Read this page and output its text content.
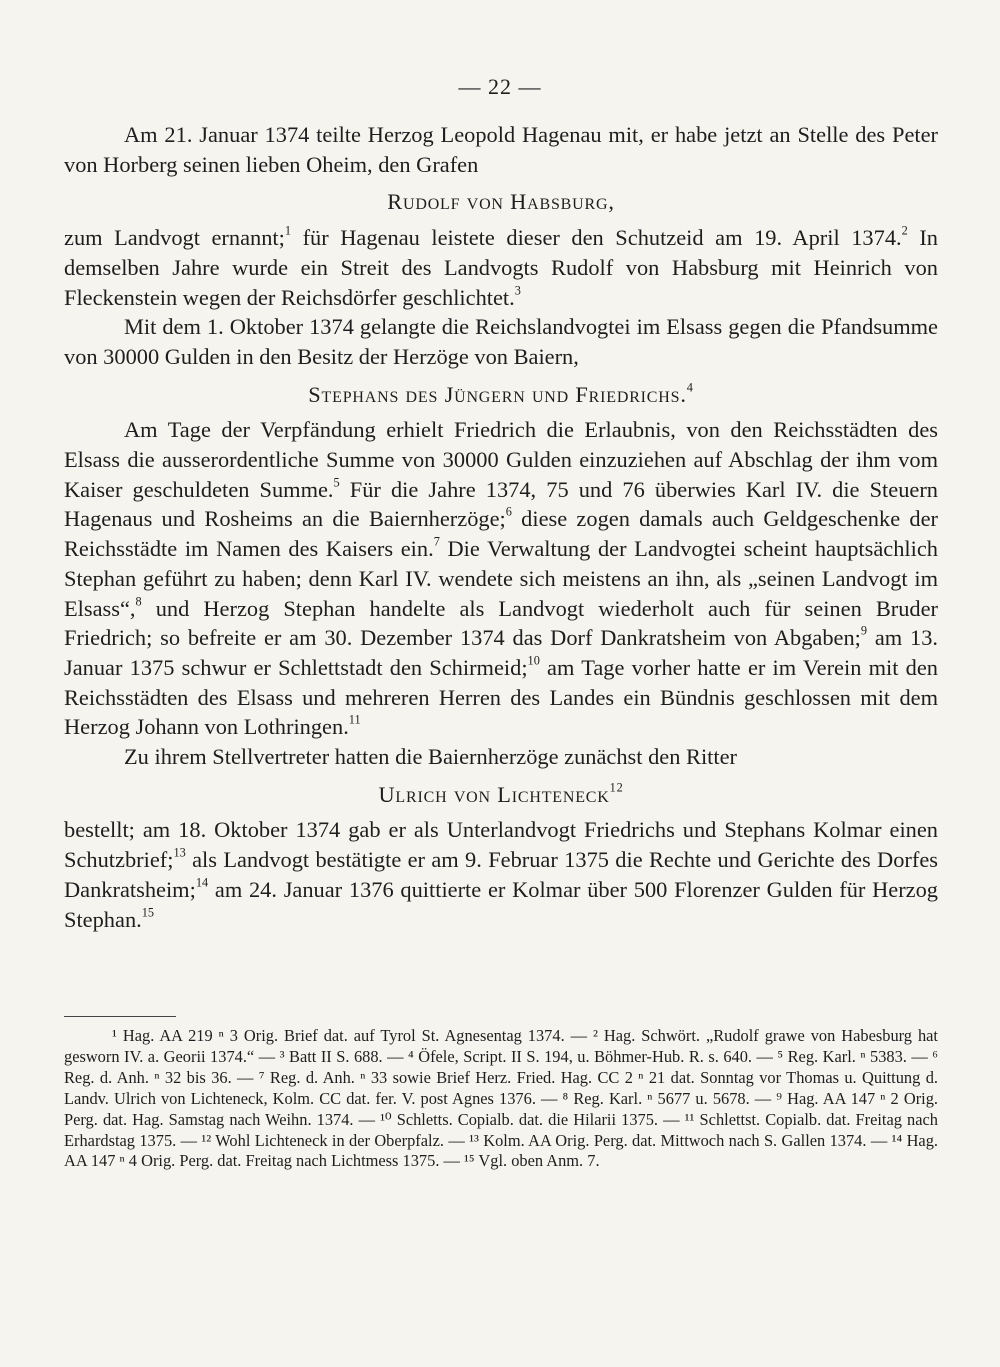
— 22 —

Am 21. Januar 1374 teilte Herzog Leopold Hagenau mit, er habe jetzt an Stelle des Peter von Horberg seinen lieben Oheim, den Grafen

Rudolf von Habsburg,

zum Landvogt ernannt;$^1$ für Hagenau leistete dieser den Schutzeid am 19. April 1374.$^2$ In demselben Jahre wurde ein Streit des Landvogts Rudolf von Habsburg mit Heinrich von Fleckenstein wegen der Reichsdörfer geschlichtet.$^3$

Mit dem 1. Oktober 1374 gelangte die Reichslandvogtei im Elsass gegen die Pfandsumme von 30000 Gulden in den Besitz der Herzöge von Baiern,

Stephans des Jüngern und Friedrichs.$^4$

Am Tage der Verpfändung erhielt Friedrich die Erlaubnis, von den Reichsstädten des Elsass die ausserordentliche Summe von 30000 Gulden einzuziehen auf Abschlag der ihm vom Kaiser geschuldeten Summe.$^5$ Für die Jahre 1374, 75 und 76 überwies Karl IV. die Steuern Hagenaus und Rosheims an die Baiernherzöge;$^6$ diese zogen damals auch Geldgeschenke der Reichsstädte im Namen des Kaisers ein.$^7$ Die Verwaltung der Landvogtei scheint hauptsächlich Stephan geführt zu haben; denn Karl IV. wendete sich meistens an ihn, als „seinen Landvogt im Elsass“,$^8$ und Herzog Stephan handelte als Landvogt wiederholt auch für seinen Bruder Friedrich; so befreite er am 30. Dezember 1374 das Dorf Dankratsheim von Abgaben;$^9$ am 13. Januar 1375 schwur er Schlettstadt den Schirmeid;$^{10}$ am Tage vorher hatte er im Verein mit den Reichsstädten des Elsass und mehreren Herren des Landes ein Bündnis geschlossen mit dem Herzog Johann von Lothringen.$^{11}$

Zu ihrem Stellvertreter hatten die Baiernherzöge zunächst den Ritter

Ulrich von Lichteneck$^{12}$

bestellt; am 18. Oktober 1374 gab er als Unterlandvogt Friedrichs und Stephans Kolmar einen Schutzbrief;$^{13}$ als Landvogt bestätigte er am 9. Februar 1375 die Rechte und Gerichte des Dorfes Dankratsheim;$^{14}$ am 24. Januar 1376 quittierte er Kolmar über 500 Florenzer Gulden für Herzog Stephan.$^{15}$

¹ Hag. AA 219 ⁿ 3 Orig. Brief dat. auf Tyrol St. Agnesentag 1374. — ² Hag. Schwört. „Rudolf grawe von Habesburg hat gesworn IV. a. Georii 1374.“ — ³ Batt II S. 688. — ⁴ Öfele, Script. II S. 194, u. Böhmer-Hub. R. s. 640. — ⁵ Reg. Karl. ⁿ 5383. — ⁶ Reg. d. Anh. ⁿ 32 bis 36. — ⁷ Reg. d. Anh. ⁿ 33 sowie Brief Herz. Fried. Hag. CC 2 ⁿ 21 dat. Sonntag vor Thomas u. Quittung d. Landv. Ulrich von Lichteneck, Kolm. CC dat. fer. V. post Agnes 1376. — ⁸ Reg. Karl. ⁿ 5677 u. 5678. — ⁹ Hag. AA 147 ⁿ 2 Orig. Perg. dat. Hag. Samstag nach Weihn. 1374. — ¹⁰ Schletts. Copialb. dat. die Hilarii 1375. — ¹¹ Schlettst. Copialb. dat. Freitag nach Erhardstag 1375. — ¹² Wohl Lichteneck in der Oberpfalz. — ¹³ Kolm. AA Orig. Perg. dat. Mittwoch nach S. Gallen 1374. — ¹⁴ Hag. AA 147 ⁿ 4 Orig. Perg. dat. Freitag nach Lichtmess 1375. — ¹⁵ Vgl. oben Anm. 7.
